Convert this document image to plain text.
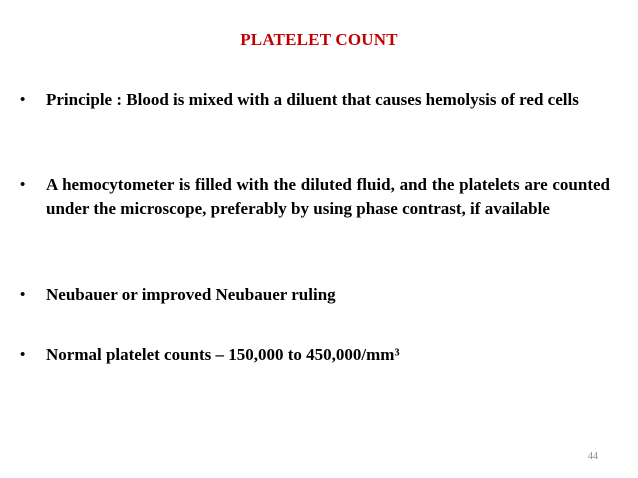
PLATELET COUNT
•	Principle : Blood is mixed with a diluent that causes hemolysis of red cells
•	A hemocytometer is filled with the diluted fluid, and the platelets are counted under the microscope, preferably by using phase contrast, if available
•	Neubauer or improved Neubauer ruling
•	Normal platelet counts – 150,000 to 450,000/mm³
44
